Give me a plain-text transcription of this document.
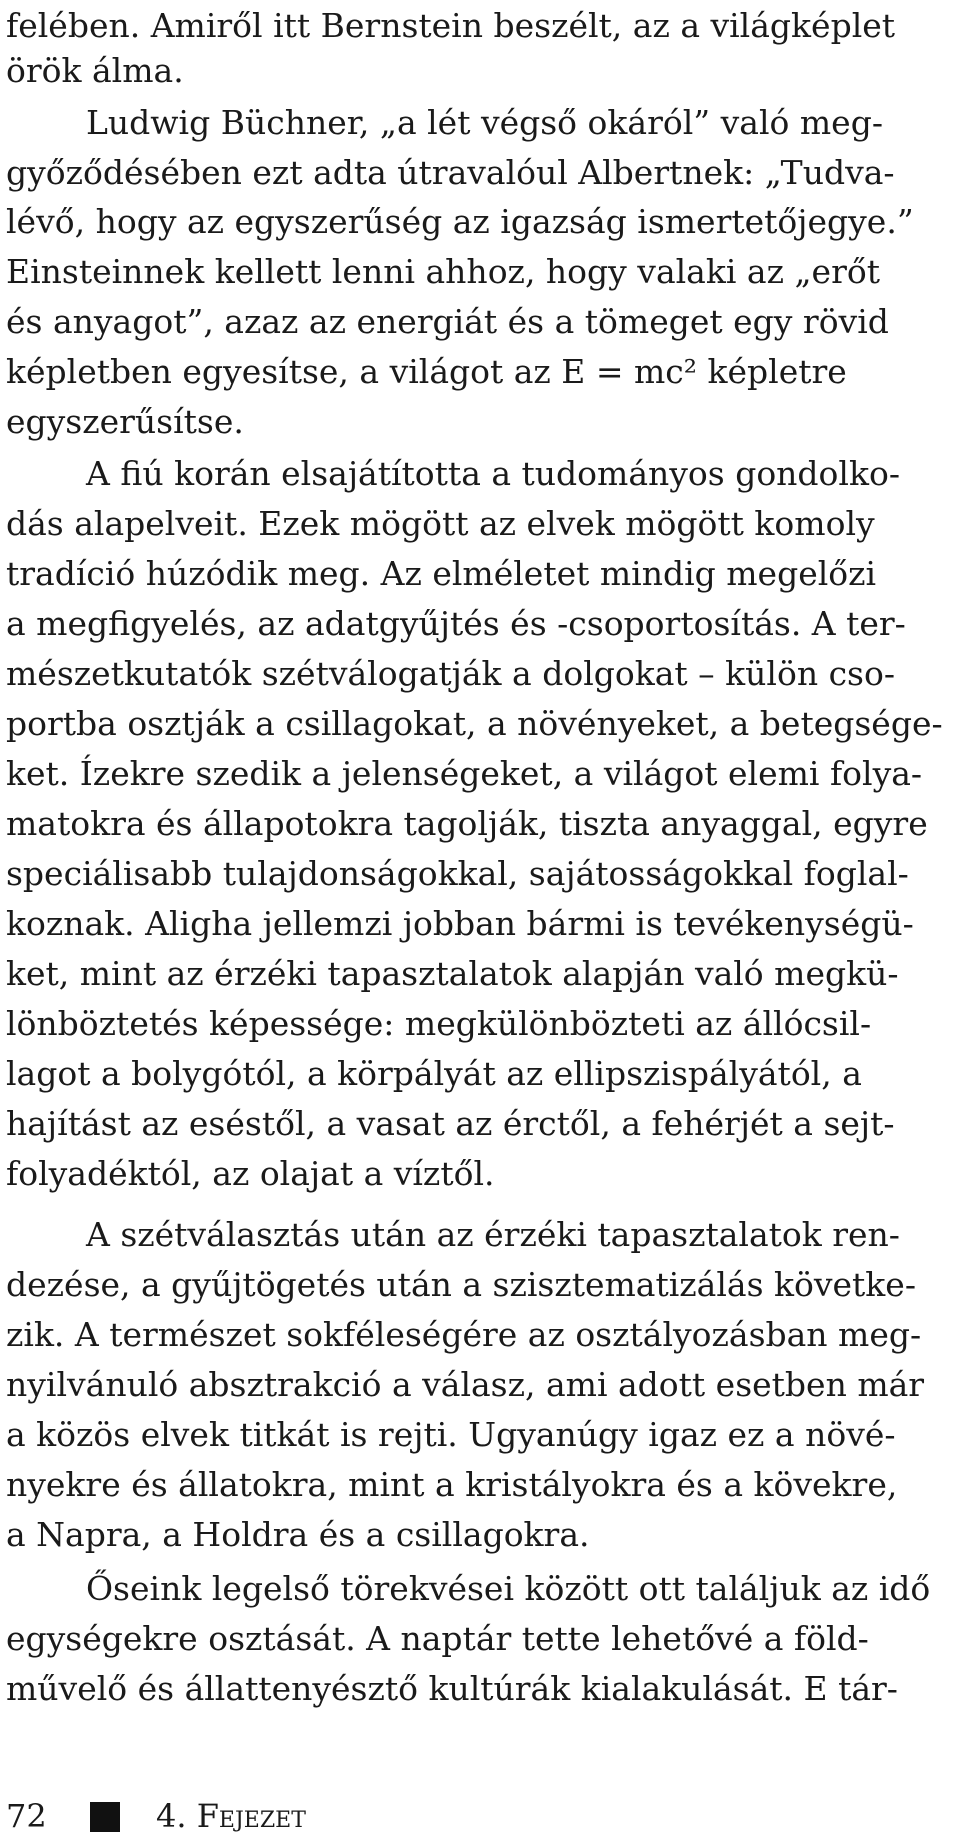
felében. Amiről itt Bernstein beszélt, az a világképlet
örök álma.
Ludwig Büchner, „a lét végső okáról” való meg-
győződésében ezt adta útravalóul Albertnek: „Tudva-
lévő, hogy az egyszerűség az igazság ismertetőjegye.”
Einsteinnek kellett lenni ahhoz, hogy valaki az „erőt
és anyagot”, azaz az energiát és a tömeget egy rövid
képletben egyesítse, a világot az E = mc² képletre
egyszerűsítse.
A fiú korán elsajátította a tudományos gondolko-
dás alapelveit. Ezek mögött az elvek mögött komoly
tradíció húzódik meg. Az elméletet mindig megelőzi
a megfigyelés, az adatgyűjtés és -csoportosítás. A ter-
mészetkutatók szétválogatják a dolgokat – külön cso-
portba osztják a csillagokat, a növényeket, a betegsége-
ket. Ízekre szedik a jelenségeket, a világot elemi folya-
matokra és állapotokra tagolják, tiszta anyaggal, egyre
speciálisabb tulajdonságokkal, sajátosságokkal foglal-
koznak. Aligha jellemzi jobban bármi is tevékenységü-
ket, mint az érzéki tapasztalatok alapján való megkü-
lönböztetés képessége: megkülönbözteti az állócsil-
lagot a bolygótól, a körpályát az ellipszispályától, a
hajítást az eséstől, a vasat az érctől, a fehérjét a sejt-
folyadéktól, az olajat a víztől.
A szétválasztás után az érzéki tapasztalatok ren-
dezése, a gyűjtögetés után a szisztematizálás követke-
zik. A természet sokféleségére az osztályozásban meg-
nyilvánuló absztrakció a válasz, ami adott esetben már
a közös elvek titkát is rejti. Ugyanúgy igaz ez a növé-
nyekre és állatokra, mint a kristályokra és a kövekre,
a Napra, a Holdra és a csillagokra.
Őseink legelső törekvései között ott találjuk az idő
egységekre osztását. A naptár tette lehetővé a föld-
művelő és állattenyésztő kultúrák kialakulását. E tár-
72	4. Fejezet
